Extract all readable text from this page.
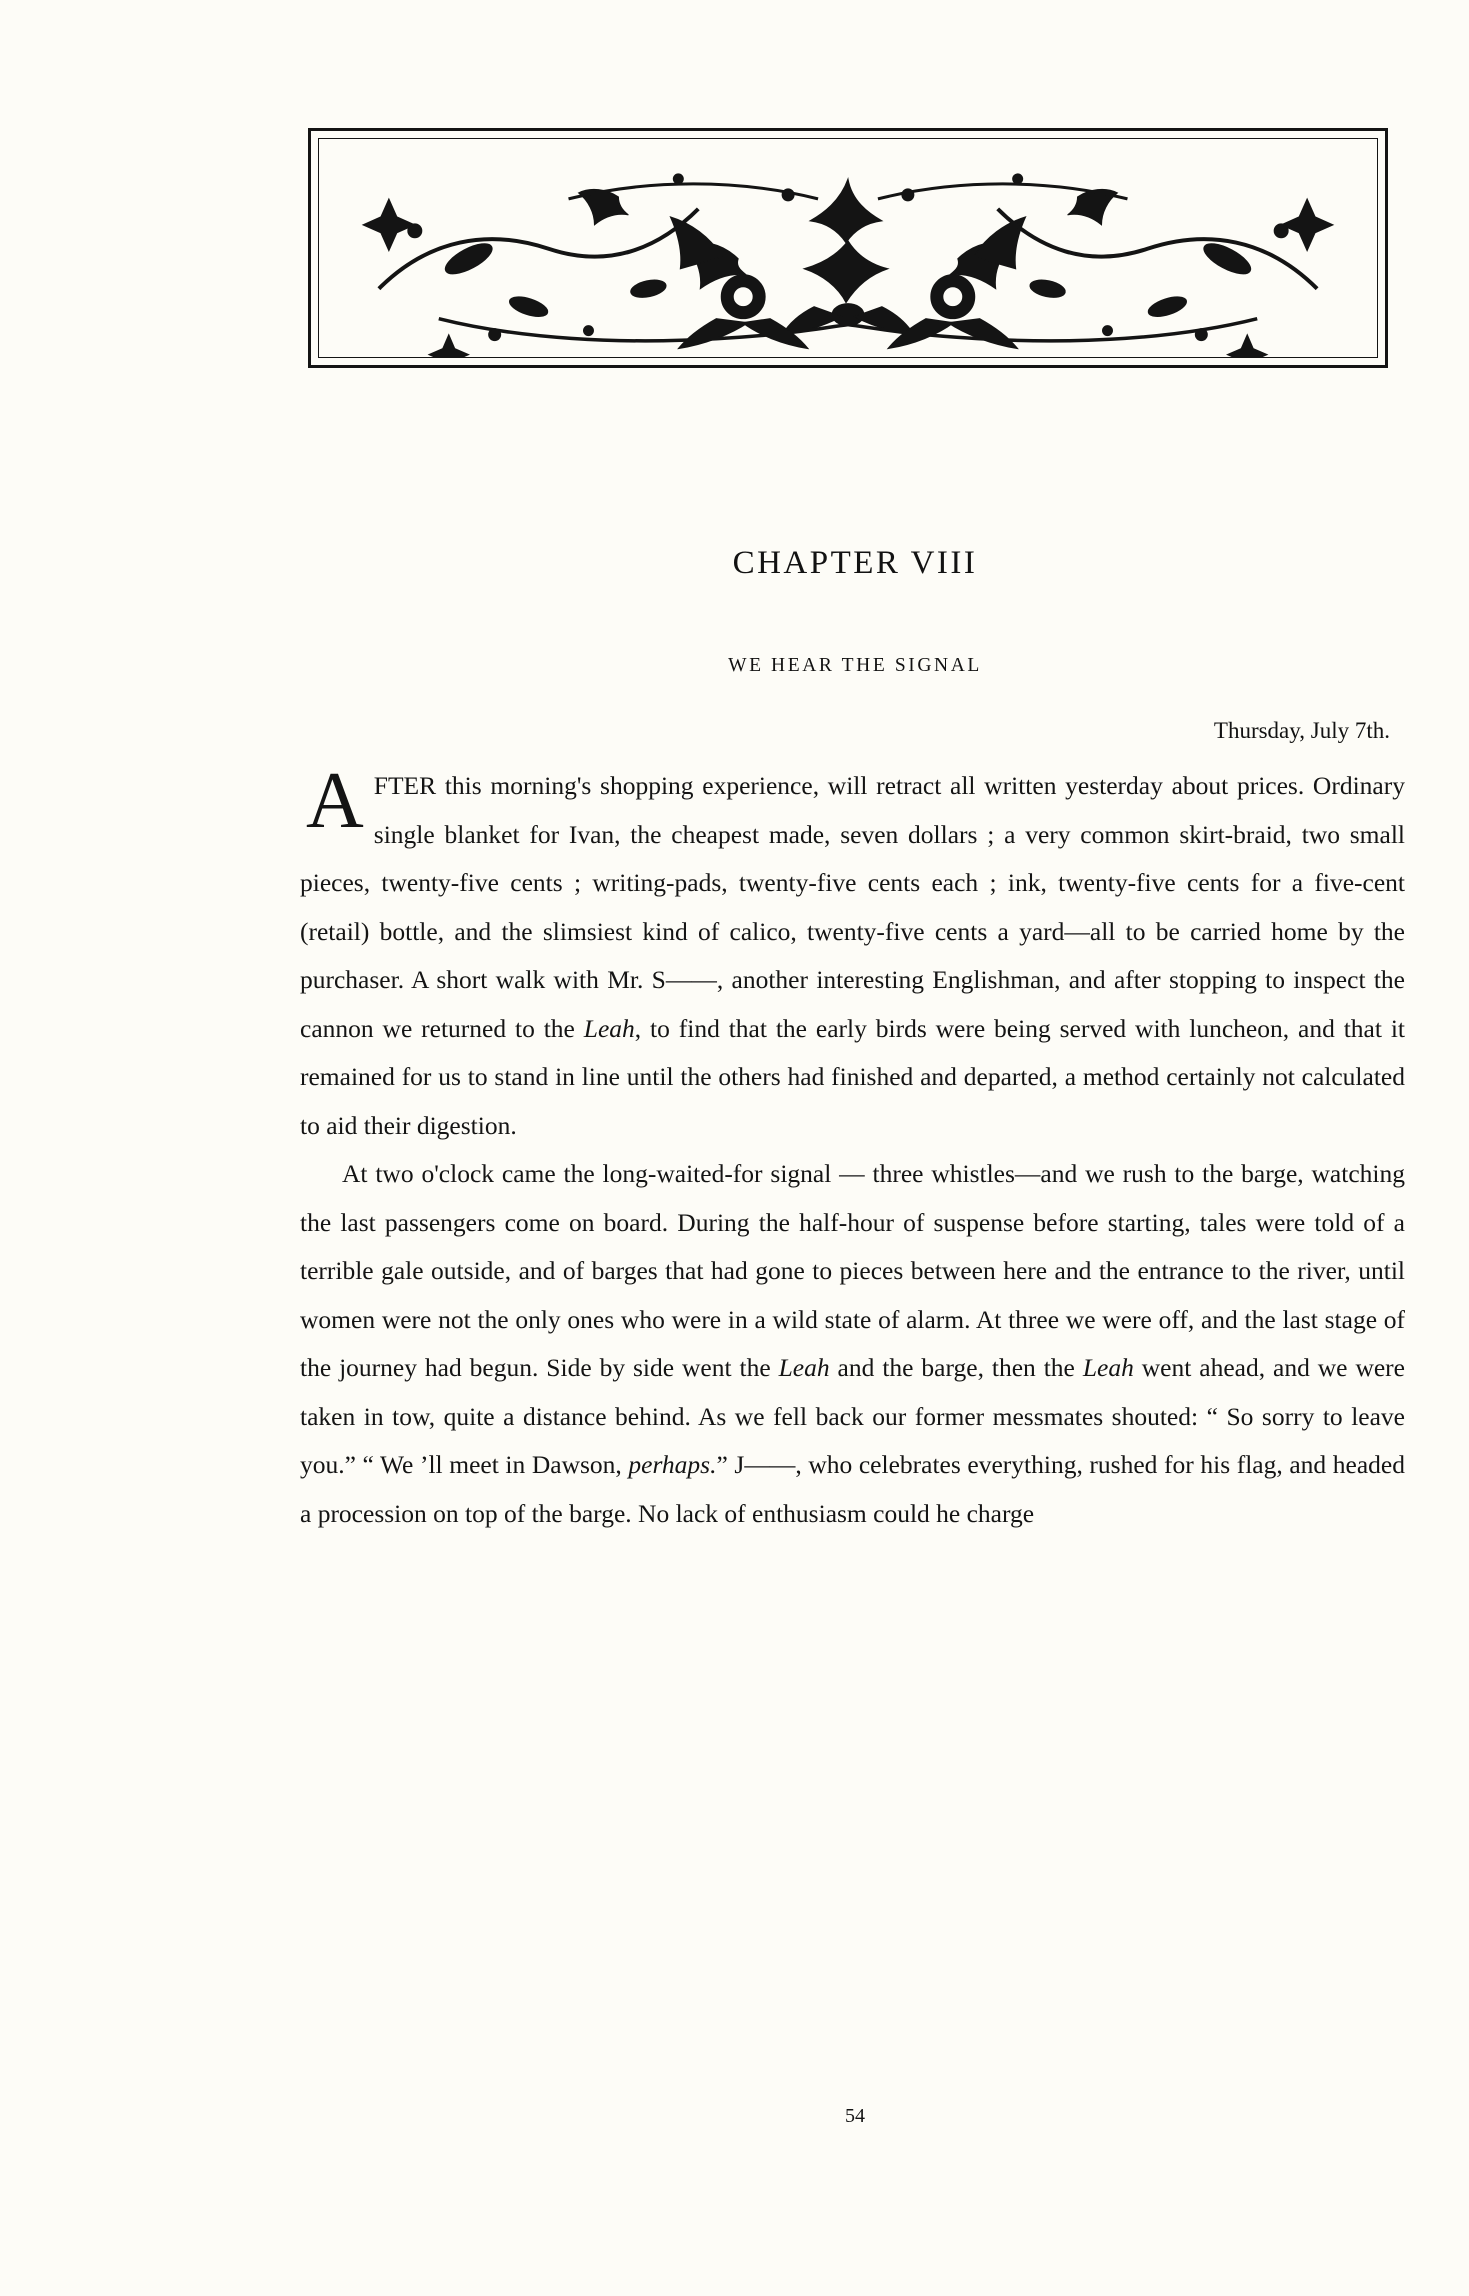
CHAPTER VIII
WE HEAR THE SIGNAL
Thursday, July 7th.

AFTER this morning's shopping experience, will retract all written yesterday about prices. Ordinary single blanket for Ivan, the cheapest made, seven dollars ; a very common skirt-braid, two small pieces, twenty-five cents ; writing-pads, twenty-five cents each ; ink, twenty-five cents for a five-cent (retail) bottle, and the slimsiest kind of calico, twenty-five cents a yard—all to be carried home by the purchaser. A short walk with Mr. S——, another interesting Englishman, and after stopping to inspect the cannon we returned to the Leah, to find that the early birds were being served with luncheon, and that it remained for us to stand in line until the others had finished and departed, a method certainly not calculated to aid their digestion.

At two o'clock came the long-waited-for signal — three whistles—and we rush to the barge, watching the last passengers come on board. During the half-hour of suspense before starting, tales were told of a terrible gale outside, and of barges that had gone to pieces between here and the entrance to the river, until women were not the only ones who were in a wild state of alarm. At three we were off, and the last stage of the journey had begun. Side by side went the Leah and the barge, then the Leah went ahead, and we were taken in tow, quite a distance behind. As we fell back our former messmates shouted: “ So sorry to leave you.” “ We ’ll meet in Dawson, perhaps.” J——, who celebrates everything, rushed for his flag, and headed a procession on top of the barge. No lack of enthusiasm could he charge

54
